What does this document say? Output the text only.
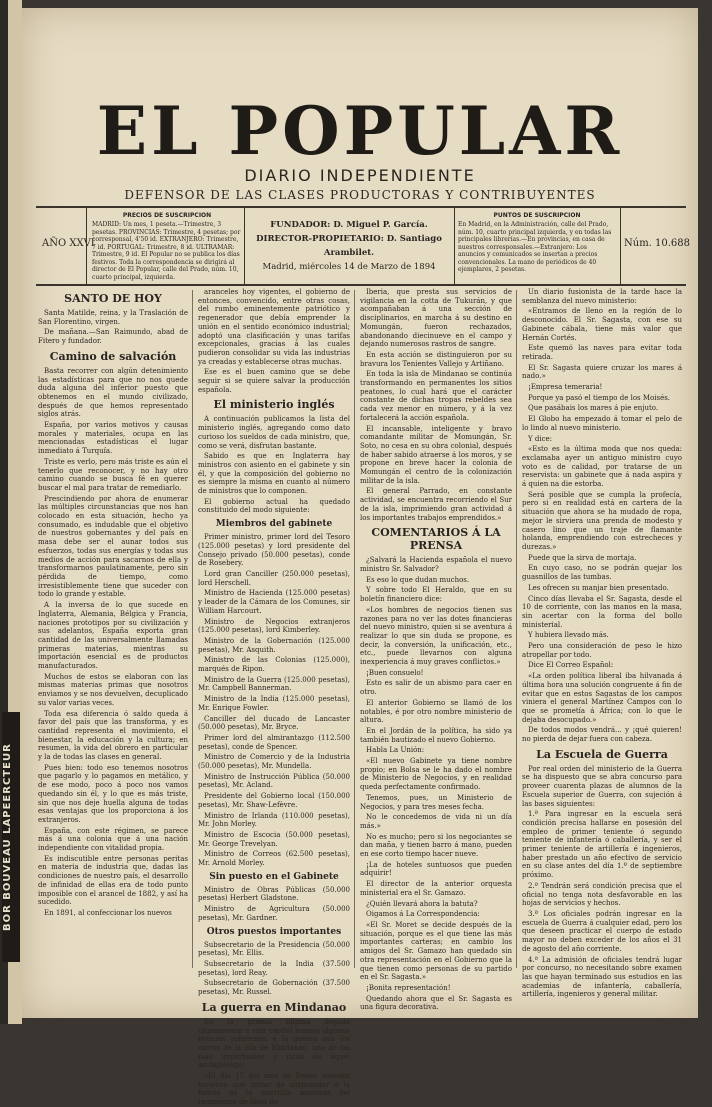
BOR BOUVEAU LAPEERCTEUR
EL POPULAR
DIARIO INDEPENDIENTE
DEFENSOR DE LAS CLASES PRODUCTORAS Y CONTRIBUYENTES
AÑO XXVI
PRECIOS DE SUSCRIPCION
MADRID: Un mes, 1 peseta.—Trimestre, 3 pesetas. PROVINCIAS: Trimestre, 4 pesetas; por corresponsal, 4'50 id. EXTRANJERO: Trimestre, 7 id. PORTUGAL: Trimestre, 8 id. ULTRAMAR: Trimestre, 9 id. El Popular no se publica los días festivos. Toda la correspondencia se dirigirá al director de El Popular, calle del Prado, núm. 10, cuarto principal, izquierda.
FUNDADOR: D. Miguel P. García.
DIRECTOR-PROPIETARIO: D. Santiago Arambilet.
Madrid, miércoles 14 de Marzo de 1894
PUNTOS DE SUSCRIPCION
En Madrid, en la Administración, calle del Prado, núm. 10, cuarto principal izquierda, y en todas las principales librerías.—En provincias, en casa de nuestros corresponsales.—Extranjero: Los anuncios y comunicados se insertan a precios convencionales. La mano de periódicos de 40 ejemplares, 2 pesetas.
Núm. 10.688
SANTO DE HOY
Santa Matilde, reina, y la Traslación de San Florentino, virgen.
De mañana.—San Raimundo, abad de Fitero y fundador.
Camino de salvación
Basta recorrer con algún detenimiento las estadísticas para que no nos quede duda alguna del inferior puesto que obtenemos en el mundo civilizado, después de que hemos representado siglos atrás.
España, por varios motivos y causas morales y materiales, ocupa en las mencionadas estadísticas el lugar inmediato á Turquía.
Triste es verlo, pero más triste es aún el tenerlo que reconocer, y no hay otro camino cuando se busca fé en querer buscar el mal para tratar de remediarlo.
Prescindiendo por ahora de enumerar las múltiples circunstancias que nos han colocado en esta situación, hecho ya consumado, es indudable que el objetivo de nuestros gobernantes y del país en masa debe ser el aunar todos sus esfuerzos, todas sus energías y todas sus medios de acción para sacarnos de ella y transformarnos paulatinamente, pero sin pérdida de tiempo, como irresistiblemente tiene que suceder con todo lo grande y estable.
A la inversa de lo que sucede en Inglaterra, Alemania, Bélgica y Francia, naciones prototipos por su civilización y sus adelantos, España exporta gran cantidad de las universalmente llamadas primeras materias, mientras su importación esencial es de productos manufacturados.
Muchos de estos se elaboran con las mismas materias primas que nosotros enviamos y se nos devuelven, decuplicado su valor varias veces.
Toda esa diferencia ó saldo queda á favor del país que las transforma, y es cantidad representa el movimiento, el bienestar, la educación y la cultura; en resumen, la vida del obrero en particular y la de todas las clases en general.
Pues bien: todo eso tenemos nosotros que pagarlo y lo pagamos en metálico, y de ese modo, poco á poco nos vamos quedando sin él, y lo que es más triste, sin que nos deje huella alguna de todas esas ventajas que los proporciona á los extranjeros.
España, con este régimen, se parece más á una colonia que á una nación independiente con vitalidad propia.
Es indiscutible entre personas peritas en materia de industria que, dadas las condiciones de nuestro país, el desarrollo de infinidad de ellas era de todo punto imposible con el arancel de 1882, y así ha sucedido.
En 1891, al confeccionar los nuevos
aranceles hoy vigentes, el gobierno de entonces, convencido, entre otras cosas, del rumbo eminentemente patriótico y regenerador que debía emprender la unión en el sentido económico industrial; adoptó una clasificación y unas tarifas excepcionales, gracias á las cuales pudieron consolidar su vida las industrias ya creadas y establecerse otras muchas.
Ese es el buen camino que se debe seguir si se quiere salvar la producción española.
El ministerio inglés
A continuación publicamos la lista del ministerio inglés, agregando como dato curioso los sueldos de cada ministro, que, como se verá, disfrutan bastante.
Sabido es que en Inglaterra hay ministros con asiento en el gabinete y sin él, y que la composición del gobierno no es siempre la misma en cuanto al número de ministros que lo componen.
El gobierno actual ha quedado constituido del modo siguiente:
Miembros del gabinete
Primer ministro, primer lord del Tesoro (125.000 pesetas) y lord presidente del Consejo privado (50.000 pesetas), conde de Rosebery.
Lord gran Canciller (250.000 pesetas), lord Herschell.
Ministro de Hacienda (125.000 pesetas) y leader de la Cámara de los Comunes, sir William Harcourt.
Ministro de Negocios extranjeros (125.000 pesetas), lord Kimberley.
Ministro de la Gobernación (125.000 pesetas), Mr. Asquith.
Ministro de las Colonias (125.000), marqués de Ripon.
Ministro de la Guerra (125.000 pesetas), Mr. Campbell Bannerman.
Ministro de la India (125.000 pesetas), Mr. Enrique Fowler.
Canciller del ducado de Lancaster (50.000 pesetas), Mr. Bryce.
Primer lord del almirantazgo (112.500 pesetas), conde de Spencer.
Ministro de Comercio y de la Industria (50.000 pesetas), Mr. Mundella.
Ministro de Instrucción Pública (50.000 pesetas), Mr. Acland.
Presidente del Gobierno local (150.000 pesetas), Mr. Shaw-Lefèvre.
Ministro de Irlanda (110.000 pesetas), Mr. John Morley.
Ministro de Escocia (50.000 pesetas), Mr. George Trevelyan.
Ministro de Correos (62.500 pesetas), Mr. Arnold Morley.
Sin puesto en el Gabinete
Ministro de Obras Públicas (50.000 pesetas) Herbert Gladstone.
Ministro de Agricultura (50.000 pesetas), Mr. Gardner.
Otros puestos importantes
Subsecretario de la Presidencia (50.000 pesetas), Mr. Ellis.
Subsecretario de la India (37.500 pesetas), lord Reay.
Subsecretario de Gobernación (37.500 pesetas), Mr. Russel.
La guerra en Mindanao
En la prensa filipina llegada últimamente á esta capital leemos algunos noticias referentes á la guerra con los moros de la isla de Mindanao, una de las más importantes y ricas de aquel archipiélago:
«El día 15 del mes de Enero anterior tuvieron que tratar de sorprender á la fuerza de la guerrilla montada del regimiento de línea de
Iberia, que presta sus servicios de vigilancia en la cotta de Tukurán, y que acompañaban á una sección de disciplinarios, en marcha á su destino en Momungán, fueron rechazados, abandonando diecinueve en el campo y dejando numerosos rastros de sangre.
En esta acción se distinguieron por su bravura los Tenientes Vallejo y Artiñano.
En toda la isla de Mindanao se continúa transformando en permanentes los sitios peatones, lo cual hará que el carácter constante de dichas tropas rebeldes sea cada vez menor en número, y á la vez fortalecerá la acción española.
El incansable, inteligente y bravo comandante militar de Momungán, Sr. Soto, no cesa en su obra colonial, después de haber sabido atraerse á los moros, y se propone en breve hacer la colonia de Momungán el centro de la colonización militar de la isla.
El general Parrado, en constante actividad, se encuentra recorriendo el Sur de la isla, imprimiendo gran actividad á los importantes trabajos emprendidos.»
COMENTARIOS Á LA PRENSA
¿Salvará la Hacienda española el nuevo ministro Sr. Salvador?
Es eso lo que dudan muchos.
Y sobre todo El Heraldo, que en su boletín financiero dice:
«Los hombres de negocios tienen sus razones para no ver las dotes financieras del nuevo ministro, quien si se aventura á realizar lo que sin duda se propone, es decir, la conversión, la unificación, etc., etc., puede llevarnos con alguna inexperiencia á muy graves conflictos.»
¡Buen consuelo!
Esto es salir de un abismo para caer en otro.
El anterior Gobierno se llamó de los notables, é por otro nombre ministerio de altura.
En el Jordán de la política, ha sido ya también bautizado el nuevo Gobierno.
Habla La Unión:
«El nuevo Gabinete ya tiene nombre propio; en Bolsa se le ha dado el nombre de Ministerio de Negocios, y en realidad queda perfectamente confirmado.
Tenemos, pues, un Ministerio de Negocios, y para tres meses fecha.
No le concedemos de vida ni un día más.»
No es mucho; pero si los negociantes se dan maña, y tienen barro á mano, pueden en ese corto tiempo hacer nueve.
¡La de hoteles suntuosos que pueden adquirir!
El director de la anterior orquesta ministerial era el Sr. Gamazo.
¿Quién llevará ahora la batuta?
Oigamos á La Correspondencia:
«El Sr. Moret se decide después de la situación, porque es el que tiene las más importantes carteras; en cambio los amigos del Sr. Gamazo han quedado sin otra representación en el Gobierno que la que tienen como personas de su partido en el Sr. Sagasta.»
¡Bonita representación!
Quedando ahora que el Sr. Sagasta es una figura decorativa.
Un diario fusionista de la tarde hace la semblanza del nuevo ministerio:
«Entramos de lleno en la región de lo desconocido. El Sr. Sagasta, con ese su Gabinete cábala, tiene más valor que Hernán Cortés.
Este quemó las naves para evitar toda retirada.
El Sr. Sagasta quiere cruzar los mares á nado.»
¡Empresa temeraria!
Porque ya pasó el tiempo de los Moisés.
Que pasábais los mares á pie enjuto.
El Globo ha empezado á tomar el pelo de lo lindo al nuevo ministerio.
Y dice:
«Esto es la última moda que nos queda: exclamaba ayer un antiguo ministro cuyo voto es de calidad, por tratarse de un reservista: un gabinete que á nada aspira y á quien na die estorba.
Será posible que se cumpla la profecía, pero si en realidad está en cartera de la situación que ahora se ha mudado de ropa, mejor le sirviera una prenda de modesto y casero lino que un traje de flamante holanda, emprendiendo con estrecheces y durezas.»
Puede que la sirva de mortaja.
En cuyo caso, no se podrán quejar los guasnillos de las tumbas.
Les ofrecen su manjar bien presentado.
Cinco días llevaba el Sr. Sagasta, desde el 10 de corriente, con las manos en la masa, sin acertar con la forma del bollo ministerial.
Y hubiera llevado más.
Pero una consideración de peso le hizo atropellar por todo.
Dice El Correo Español:
«La orden política liberal iba hilvanada á última hora una solución congruente á fin de evitar que en estos Sagastas de los campos viniera el general Martínez Campos con lo que se prometía á África; con lo que le dejaba desocupado.»
De todos modos vendrá... y ¡qué quieren! no pierda de dejar fuera con cabeza.
La Escuela de Guerra
Por real orden del ministerio de la Guerra se ha dispuesto que se abra concurso para proveer cuarenta plazas de alumnos de la Escuela superior de Guerra, con sujeción á las bases siguientes:
1.ª Para ingresar en la escuela será condición precisa hallarse en posesión del empleo de primer teniente ó segundo teniente de infantería ó caballería, y ser el primer teniente de artillería é ingenieros, haber prestado un año efectivo de servicio en su clase antes del día 1.º de septiembre próximo.
2.ª Tendrán será condición precisa que el oficial no tenga nota desfavorable en las hojas de servicios y hechos.
3.ª Los oficiales podrán ingresar en la escuela de Guerra á cualquier edad, pero los que deseen practicar el cuerpo de estado mayor no deben exceder de los años el 31 de agosto del año corriente.
4.ª La admisión de oficiales tendrá lugar por concurso, no necesitando sobre examen las que hayan terminado sus estudios en las academias de infantería, caballería, artillería, ingenieros y general militar.
